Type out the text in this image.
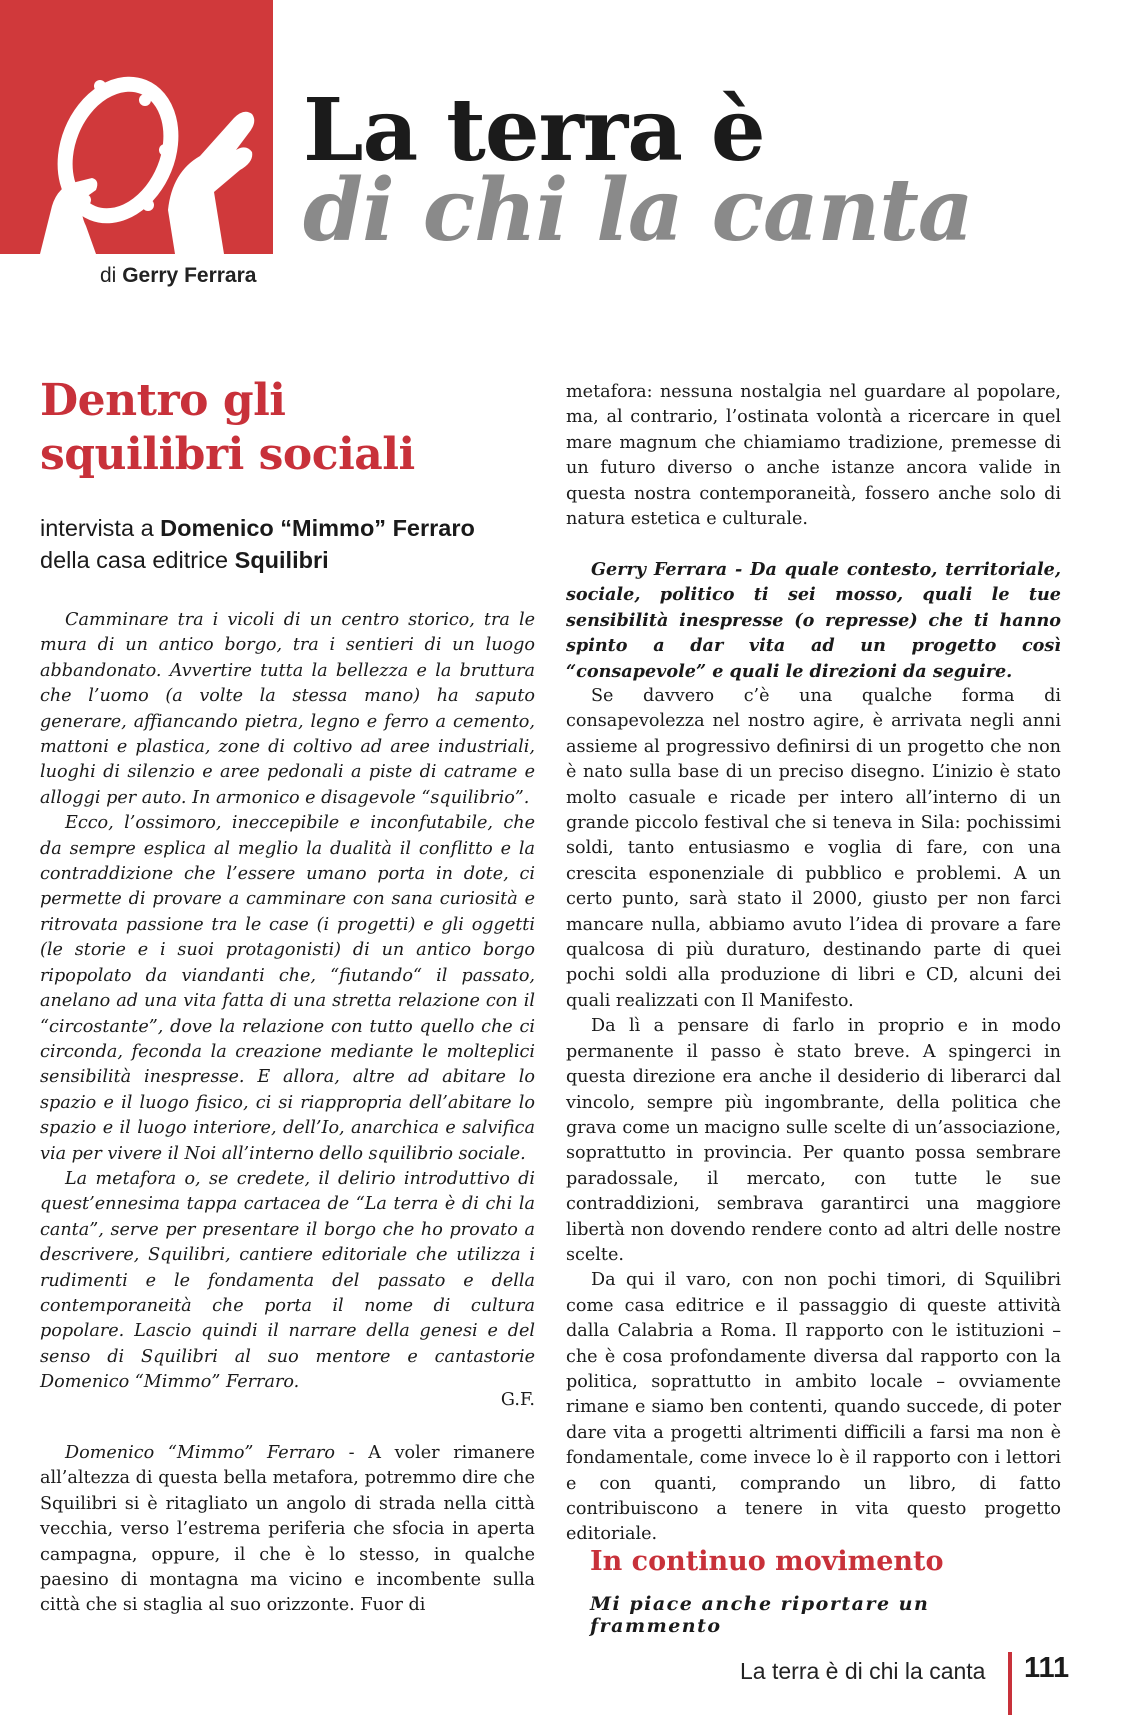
di Gerry Ferrara
La terra è
di chi la canta
Dentro gli
squilibri sociali
intervista a Domenico “Mimmo” Ferraro
della casa editrice Squilibri

Camminare tra i vicoli di un centro storico, tra le mura di un antico borgo, tra i sentieri di un luogo abbandonato. Avvertire tutta la bellezza e la bruttura che l’uomo (a volte la stessa mano) ha saputo generare, affiancando pietra, legno e ferro a cemento, mattoni e plastica, zone di coltivo ad aree industriali, luoghi di silenzio e aree pedonali a piste di catrame e alloggi per auto. In armonico e disagevole “squilibrio”.

Ecco, l’ossimoro, ineccepibile e inconfutabile, che da sempre esplica al meglio la dualità il conflitto e la contraddizione che l’essere umano porta in dote, ci permette di provare a camminare con sana curiosità e ritrovata passione tra le case (i progetti) e gli oggetti (le storie e i suoi protagonisti) di un antico borgo ripopolato da viandanti che, “fiutando“ il passato, anelano ad una vita fatta di una stretta relazione con il “circostante”, dove la relazione con tutto quello che ci circonda, feconda la creazione mediante le molteplici sensibilità inespresse. E allora, altre ad abitare lo spazio e il luogo fisico, ci si riappropria dell’abitare lo spazio e il luogo interiore, dell’Io, anarchica e salvifica via per vivere il Noi all’interno dello squilibrio sociale.

La metafora o, se credete, il delirio introduttivo di quest’ennesima tappa cartacea de “La terra è di chi la canta”, serve per presentare il borgo che ho provato a descrivere, Squilibri, cantiere editoriale che utilizza i rudimenti e le fondamenta del passato e della contemporaneità che porta il nome di cultura popolare. Lascio quindi il narrare della genesi e del senso di Squilibri al suo mentore e cantastorie Domenico “Mimmo” Ferraro.

G.F.

Domenico “Mimmo” Ferraro - A voler rimanere all’altezza di questa bella metafora, potremmo dire che Squilibri si è ritagliato un angolo di strada nella città vecchia, verso l’estrema periferia che sfocia in aperta campagna, oppure, il che è lo stesso, in qualche paesino di montagna ma vicino e incombente sulla città che si staglia al suo orizzonte. Fuor di

metafora: nessuna nostalgia nel guardare al popolare, ma, al contrario, l’ostinata volontà a ricercare in quel mare magnum che chiamiamo tradizione, premesse di un futuro diverso o anche istanze ancora valide in questa nostra contemporaneità, fossero anche solo di natura estetica e culturale.

Gerry Ferrara - Da quale contesto, territoriale, sociale, politico ti sei mosso, quali le tue sensibilità inespresse (o represse) che ti hanno spinto a dar vita ad un progetto così “consapevole” e quali le direzioni da seguire.

Se davvero c’è una qualche forma di consapevolezza nel nostro agire, è arrivata negli anni assieme al progressivo definirsi di un progetto che non è nato sulla base di un preciso disegno. L’inizio è stato molto casuale e ricade per intero all’interno di un grande piccolo festival che si teneva in Sila: pochissimi soldi, tanto entusiasmo e voglia di fare, con una crescita esponenziale di pubblico e problemi. A un certo punto, sarà stato il 2000, giusto per non farci mancare nulla, abbiamo avuto l’idea di provare a fare qualcosa di più duraturo, destinando parte di quei pochi soldi alla produzione di libri e CD, alcuni dei quali realizzati con Il Manifesto.

Da lì a pensare di farlo in proprio e in modo permanente il passo è stato breve. A spingerci in questa direzione era anche il desiderio di liberarci dal vincolo, sempre più ingombrante, della politica che grava come un macigno sulle scelte di un’associazione, soprattutto in provincia. Per quanto possa sembrare paradossale, il mercato, con tutte le sue contraddizioni, sembrava garantirci una maggiore libertà non dovendo rendere conto ad altri delle nostre scelte.

Da qui il varo, con non pochi timori, di Squilibri come casa editrice e il passaggio di queste attività dalla Calabria a Roma. Il rapporto con le istituzioni – che è cosa profondamente diversa dal rapporto con la politica, soprattutto in ambito locale – ovviamente rimane e siamo ben contenti, quando succede, di poter dare vita a progetti altrimenti difficili a farsi ma non è fondamentale, come invece lo è il rapporto con i lettori e con quanti, comprando un libro, di fatto contribuiscono a tenere in vita questo progetto editoriale.

In continuo movimento
Mi piace anche riportare un frammento
La terra è di chi la canta 111
